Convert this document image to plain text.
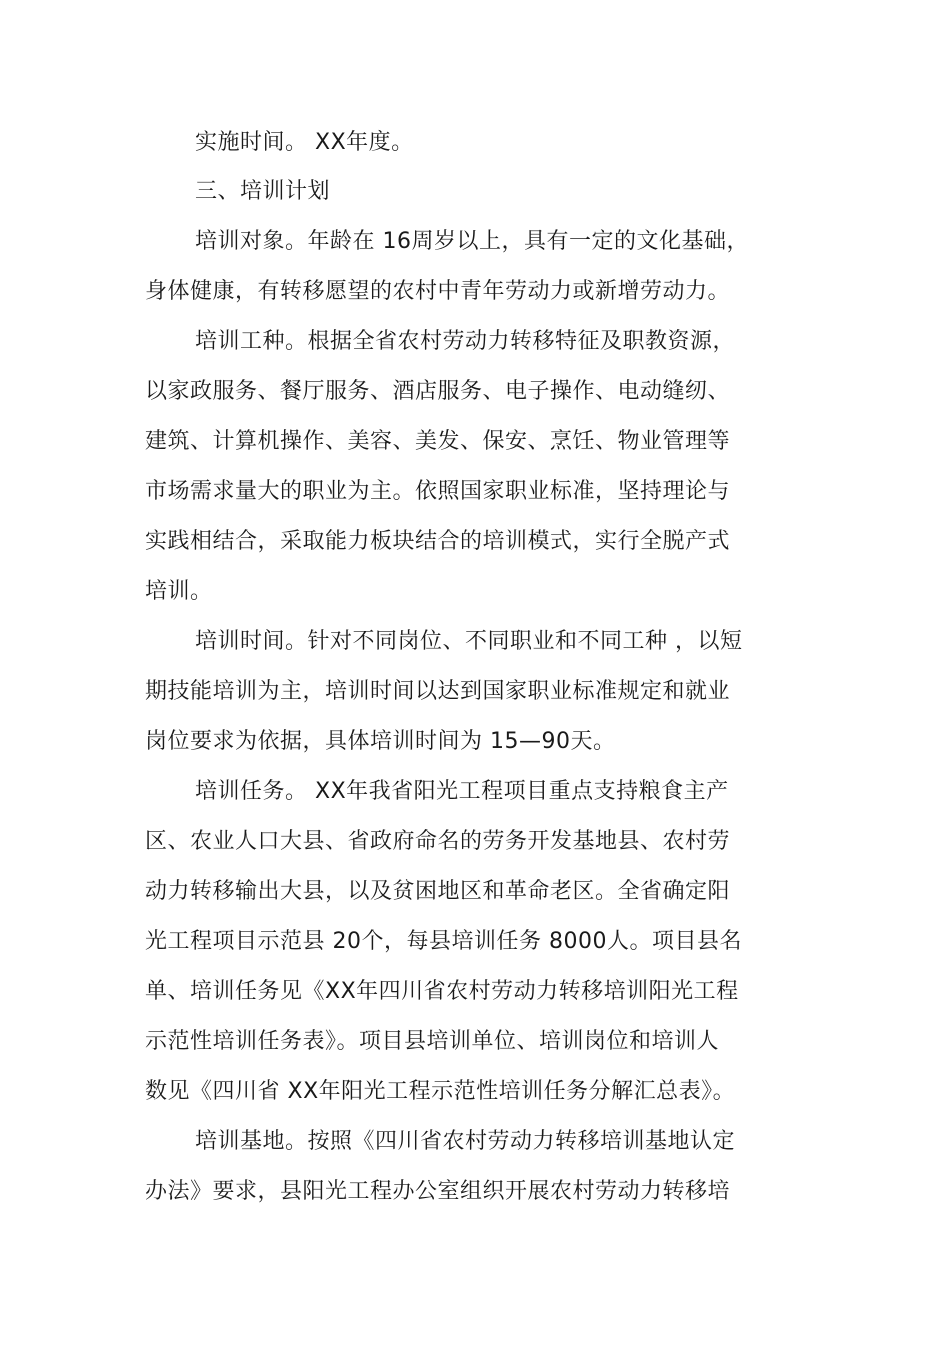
实施时间。 XX年度。
三、培训计划
培训对象。年龄在 16周岁以上，具有一定的文化基础，
身体健康，有转移愿望的农村中青年劳动力或新增劳动力。
培训工种。根据全省农村劳动力转移特征及职教资源，
以家政服务、餐厅服务、酒店服务、电子操作、电动缝纫、
建筑、计算机操作、美容、美发、保安、烹饪、物业管理等
市场需求量大的职业为主。依照国家职业标准，坚持理论与
实践相结合，采取能力板块结合的培训模式，实行全脱产式
培训。
培训时间。针对不同岗位、不同职业和不同工种 ，以短
期技能培训为主，培训时间以达到国家职业标准规定和就业
岗位要求为依据，具体培训时间为 15—90天。
培训任务。 XX年我省阳光工程项目重点支持粮食主产
区、农业人口大县、省政府命名的劳务开发基地县、农村劳
动力转移输出大县，以及贫困地区和革命老区。全省确定阳
光工程项目示范县 20个，每县培训任务 8000人。项目县名
单、培训任务见《XX年四川省农村劳动力转移培训阳光工程
示范性培训任务表》。项目县培训单位、培训岗位和培训人
数见《四川省 XX年阳光工程示范性培训任务分解汇总表》。
培训基地。按照《四川省农村劳动力转移培训基地认定
办法》要求，县阳光工程办公室组织开展农村劳动力转移培
